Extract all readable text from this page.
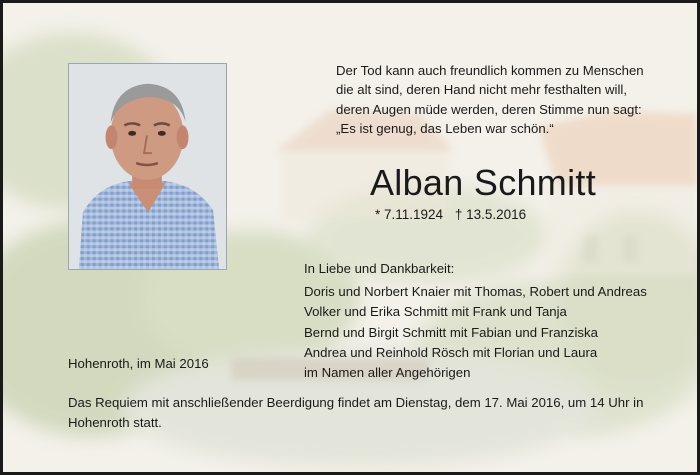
Der Tod kann auch freundlich kommen zu Menschen
die alt sind, deren Hand nicht mehr festhalten will,
deren Augen müde werden, deren Stimme nun sagt:
„Es ist genug, das Leben war schön.“
Alban Schmitt
* 7.11.1924 † 13.5.2016
In Liebe und Dankbarkeit:
Doris und Norbert Knaier mit Thomas, Robert und Andreas
Volker und Erika Schmitt mit Frank und Tanja
Bernd und Birgit Schmitt mit Fabian und Franziska
Andrea und Reinhold Rösch mit Florian und Laura
im Namen aller Angehörigen
Hohenroth, im Mai 2016
Das Requiem mit anschließender Beerdigung findet am Dienstag, dem 17. Mai 2016, um 14 Uhr in
Hohenroth statt.
